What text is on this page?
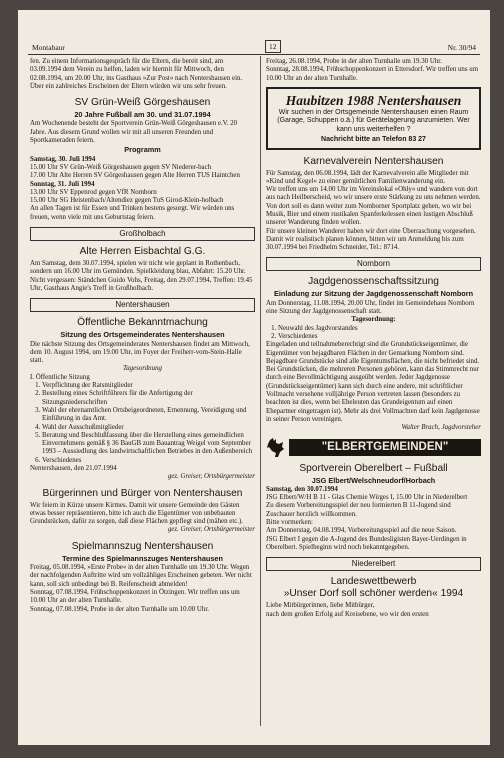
Montabaur	12	Nr. 30/94

fen. Zu einem Informationsgespräch für die Eltern, die bereit sind, am 03.09.1994 dem Verein zu helfen, laden wir hiermit für Mittwoch, den 02.08.1994, um 20.00 Uhr, ins Gasthaus »Zur Post« nach Nentershausen ein. Über ein zahlreiches Erscheinen der Eltern würden wir uns sehr freuen.

SV Grün-Weiß Görgeshausen
20 Jahre Fußball am 30. und 31.07.1994

Am Wochenende besteht der Sportverein Grün-Weiß Görgeshausen e.V. 20 Jahre. Aus diesem Grund wollen wir mit all unseren Freunden und Sportkameraden feiern.

Programm

Samstag, 30. Juli 1994

15.00 Uhr SV Grün-Weiß Görgeshausen gegen SV Niederer-bach
17.00 Uhr Alte Herren SV Görgeshausen gegen Alte Herren TUS Haintchen

Sonntag, 31. Juli 1994

13.00 Uhr SV Eppenrod gegen VfR Nomborn
15.00 Uhr SG Heistenbach/Altendiez gegen TuS Girod-Klein-holbach
An allen Tagen ist für Essen und Trinken bestens gesorgt. Wir würden uns freuen, wenn viele mit uns Geburtstag feiern.

Großholbach
Alte Herren Eisbachtal G.G.

Am Samstag, dem 30.07.1994, spielen wir nicht wie geplant in Rothenbach, sondern um 16.00 Uhr im Gemünden. Spielkleidung blau, Abfahrt: 15.20 Uhr.
Nicht vergessen: Ständchen Guido Vohs, Freitag, den 29.07.1994, Treffen: 19.45 Uhr, Gasthaus Angie's Treff in Großholbach.

Nentershausen
Öffentliche Bekanntmachung
Sitzung des Ortsgemeinderates Nentershausen

Die nächste Sitzung des Ortsgemeinderates Nentershausen findet am Mittwoch, dem 10. August 1994, um 19.00 Uhr, im Foyer der Freiherr-vom-Stein-Halle statt.

Tagesordnung

I. Öffentliche Sitzung

1. Verpflichtung der Ratsmitglieder
2. Bestellung eines Schriftführers für die Anfertigung der Sitzungsniederschriften
3. Wahl der ehrenamtlichen Ortsbeigeordneten, Ernennung, Vereidigung und Einführung in das Amt.
4. Wahl der Ausschußmitglieder
5. Beratung und Beschlußfassung über die Herstellung eines gemeindlichen Einvernehmens gemäß § 36 BauGB zum Bauantrag Weigel vom September 1993 – Aussiedlung des landwirtschaftlichen Betriebes in den Außenbereich
6. Verschiedenes

Nentershausen, den 21.07.1994

gez. Greiser, Ortsbürgermeister

Bürgerinnen und Bürger von Nentershausen

Wir feiern in Kürze unsere Kirmes. Damit wir unsere Gemeinde den Gästen etwas besser repräsentieren, bitte ich auch die Eigentümer von unbebauten Grundstücken, dafür zu sorgen, daß diese Flächen gepflegt sind (mähen etc.).

gez. Greiser, Ortsbürgermeister

Spielmannszug Nentershausen
Termine des Spielmannszuges Nentershausen

Freitag, 05.08.1994, »Erste Probe« in der alten Turnhalle um 19.30 Uhr. Wegen der nachfolgenden Auftritte wird um vollzähliges Erscheinen gebeten. Wer nicht kann, soll sich unbedingt bei B. Reifenscheidt abmelden!

Sonntag, 07.08.1994, Frühschoppenkonzert in Ötzingen. Wir treffen uns um 10.00 Uhr an der alten Turnhalle.

Sonntag, 07.08.1994, Probe in der alten Turnhalle um 10.00 Uhr.

Freitag, 26.08.1994, Probe in der alten Turnhalle um 19.30 Uhr.

Sonntag, 28.08.1994, Frühschoppenkonzert in Ettersdorf. Wir treffen uns um 10.00 Uhr an der alten Turnhalle.

Haubitzen 1988 Nentershausen
Wir suchen in der Ortsgemeinde Nentershausen einen Raum (Garage, Schuppen o.ä.) für Gerätelagerung anzumieten. Wer kann uns weiterhelfen ?
Nachricht bitte an Telefon 83 27
Karnevalverein Nentershausen

Für Samstag, den 06.08.1994, lädt der Karnevalverein alle Mitglieder mit »Kind und Kegel« zu einer gemütlichen Familienwanderung ein.
Wir treffen uns um 14.00 Uhr im Vereinslokal »Ohly« und wandern von dort aus nach Heilberscheid, wo wir unsere erste Stärkung zu uns nehmen werden. Von dort soll es dann weiter zum Nomborner Sportplatz gehen, wo wir bei Musik, Bier und einem rustikalen Spanferkelessen einen lustigen Abschluß unserer Wanderung finden wollen.
Für unsere kleinen Wanderer haben wir dort eine Überraschung vorgesehen. Damit wir realistisch planen können, bitten wir um Anmeldung bis zum 30.07.1994 bei Friedhelm Schneider, Tel.: 8714.

Nomborn
Jagdgenossenschaftssitzung
Einladung zur Sitzung der Jagdgenossenschaft Nomborn

Am Donnerstag, 11.08.1994, 20.00 Uhr, findet im Gemeindehaus Nomborn eine Sitzung der Jagdgenossenschaft statt.

Tagesordnung:
1. Neuwahl des Jagdvorstandes
2. Verschiedenes

Eingeladen und teilnahmeberechtigt sind die Grundstückseigentümer, die Eigentümer von bejagdbaren Flächen in der Gemarkung Nomborn sind. Bejagdbare Grundstücke sind alle Eigentumsflächen, die nicht befriedet sind.
Bei Grundstücken, die mehreren Personen gehören, kann das Stimmrecht nur durch eine Bevollmächtigung ausgeübt werden. Jeder Jagdgenosse (Grundstückseigentümer) kann sich durch eine andere, mit schriftlicher Vollmacht versehene volljährige Person vertreten lassen (besonders zu beachten ist dies, wenn bei Eheleuten das Grundeigentum auf einen Ehepartner eingetragen ist). Mehr als drei Vollmachten darf kein Jagdgenosse in seiner Person vereinigen.

Walter Brach, Jagdvorsteher

"ELBERTGEMEINDEN"
Sportverein Oberelbert – Fußball
JSG Elbert/Welschneudorf/Horbach

Samstag, den 30.07.1994

JSG Elbert/W/H B 11 - Glas Chemie Wirges I, 15.00 Uhr in Niederelbert
Zu diesem Vorbereitungsspiel der neu formierten B 11-Jugend sind Zuschauer herzlich willkommen.
Bitte vormerken:
Am Donnerstag, 04.08.1994, Vorbereitungsspiel auf die neue Saison.
JSG Elbert I gegen die A-Jugend des Bundesligisten Bayer-Uerdingen in Oberelbert. Spielbeginn wird noch bekanntgegeben.

Niederelbert
Landeswettbewerb
»Unser Dorf soll schöner werden« 1994

Liebe Mitbürgerinnen, liebe Mitbürger,
nach dem großen Erfolg auf Kreisebene, wo wir den ersten
